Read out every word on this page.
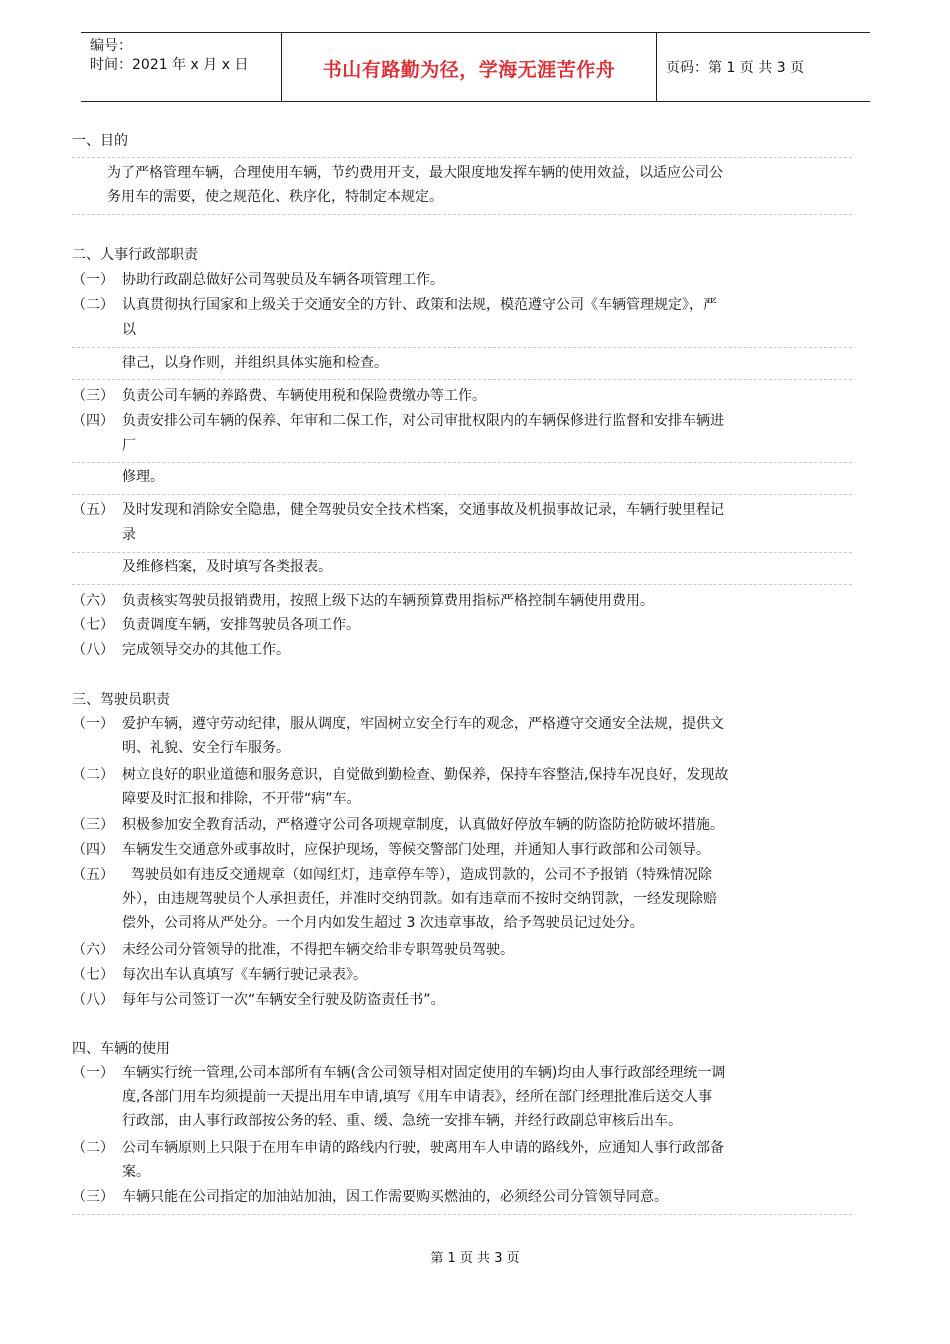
编号：
时间：2021 年 x 月 x 日	书山有路勤为径，学海无涯苦作舟	页码：第 1 页 共 3 页
一、目的
为了严格管理车辆，合理使用车辆，节约费用开支，最大限度地发挥车辆的使用效益，以适应公司公
务用车的需要，使之规范化、秩序化，特制定本规定。
二、人事行政部职责
（一） 协助行政副总做好公司驾驶员及车辆各项管理工作。
（二） 认真贯彻执行国家和上级关于交通安全的方针、政策和法规，模范遵守公司《车辆管理规定》，严
以
律己，以身作则，并组织具体实施和检查。
（三） 负责公司车辆的养路费、车辆使用税和保险费缴办等工作。
（四） 负责安排公司车辆的保养、年审和二保工作，对公司审批权限内的车辆保修进行监督和安排车辆进
厂
修理。
（五） 及时发现和消除安全隐患，健全驾驶员安全技术档案，交通事故及机损事故记录，车辆行驶里程记
录
及维修档案，及时填写各类报表。
（六） 负责核实驾驶员报销费用，按照上级下达的车辆预算费用指标严格控制车辆使用费用。
（七） 负责调度车辆，安排驾驶员各项工作。
（八） 完成领导交办的其他工作。
三、驾驶员职责
（一） 爱护车辆，遵守劳动纪律，服从调度，牢固树立安全行车的观念，严格遵守交通安全法规，提供文
明、礼貌、安全行车服务。
（二） 树立良好的职业道德和服务意识，自觉做到勤检查、勤保养，保持车容整洁,保持车况良好，发现故
障要及时汇报和排除，不开带“病”车。
（三） 积极参加安全教育活动，严格遵守公司各项规章制度，认真做好停放车辆的防盗防抢防破坏措施。
（四） 车辆发生交通意外或事故时，应保护现场，等候交警部门处理，并通知人事行政部和公司领导。
（五） 驾驶员如有违反交通规章（如闯红灯，违章停车等），造成罚款的，公司不予报销（特殊情况除
外），由违规驾驶员个人承担责任，并准时交纳罚款。如有违章而不按时交纳罚款，一经发现除赔
偿外，公司将从严处分。一个月内如发生超过 3 次违章事故，给予驾驶员记过处分。
（六） 未经公司分管领导的批准，不得把车辆交给非专职驾驶员驾驶。
（七） 每次出车认真填写《车辆行驶记录表》。
（八） 每年与公司签订一次“车辆安全行驶及防盗责任书”。
四、车辆的使用
（一） 车辆实行统一管理,公司本部所有车辆(含公司领导相对固定使用的车辆)均由人事行政部经理统一调
度,各部门用车均须提前一天提出用车申请,填写《用车申请表》，经所在部门经理批准后送交人事
行政部，由人事行政部按公务的轻、重、缓、急统一安排车辆，并经行政副总审核后出车。
（二） 公司车辆原则上只限于在用车申请的路线内行驶，驶离用车人申请的路线外，应通知人事行政部备
案。
（三） 车辆只能在公司指定的加油站加油，因工作需要购买燃油的，必须经公司分管领导同意。
第 1 页 共 3 页
